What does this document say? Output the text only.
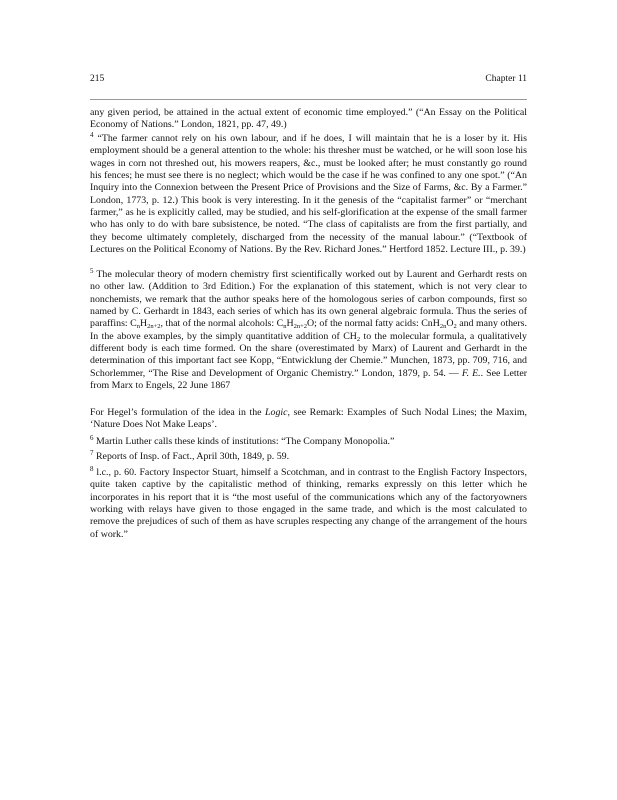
215	Chapter 11

any given period, be attained in the actual extent of economic time employed.” (“An Essay on the Political Economy of Nations.” London, 1821, pp. 47, 49.)

$^4$ “The farmer cannot rely on his own labour, and if he does, I will maintain that he is a loser by it. His employment should be a general attention to the whole: his thresher must be watched, or he will soon lose his wages in corn not threshed out, his mowers reapers, &c., must be looked after; he must constantly go round his fences; he must see there is no neglect; which would be the case if he was confined to any one spot.” (“An Inquiry into the Connexion between the Present Price of Provisions and the Size of Farms, &c. By a Farmer.” London, 1773, p. 12.) This book is very interesting. In it the genesis of the “capitalist farmer” or “merchant farmer,” as he is explicitly called, may be studied, and his self-glorification at the expense of the small farmer who has only to do with bare subsistence, be noted. “The class of capitalists are from the first partially, and they become ultimately completely, discharged from the necessity of the manual labour.” (“Textbook of Lectures on the Political Economy of Nations. By the Rev. Richard Jones.” Hertford 1852. Lecture III., p. 39.)

$^5$ The molecular theory of modern chemistry first scientifically worked out by Laurent and Gerhardt rests on no other law. (Addition to 3rd Edition.) For the explanation of this statement, which is not very clear to nonchemists, we remark that the author speaks here of the homologous series of carbon compounds, first so named by C. Gerhardt in 1843, each series of which has its own general algebraic formula. Thus the series of paraffins: $C_nH_{2n+2}$, that of the normal alcohols: $C_nH_{2n+2}O$; of the normal fatty acids: $CnH_{2n}O_2$ and many others. In the above examples, by the simply quantitative addition of $CH_2$ to the molecular formula, a qualitatively different body is each time formed. On the share (overestimated by Marx) of Laurent and Gerhardt in the determination of this important fact see Kopp, “Entwicklung der Chemie.” Munchen, 1873, pp. 709, 716, and Schorlemmer, “The Rise and Development of Organic Chemistry.” London, 1879, p. 54. — F. E.. See Letter from Marx to Engels, 22 June 1867

For Hegel’s formulation of the idea in the Logic, see Remark: Examples of Such Nodal Lines; the Maxim, ‘Nature Does Not Make Leaps’.

$^6$ Martin Luther calls these kinds of institutions: “The Company Monopolia.”

$^7$ Reports of Insp. of Fact., April 30th, 1849, p. 59.

$^8$ l.c., p. 60. Factory Inspector Stuart, himself a Scotchman, and in contrast to the English Factory Inspectors, quite taken captive by the capitalistic method of thinking, remarks expressly on this letter which he incorporates in his report that it is “the most useful of the communications which any of the factoryowners working with relays have given to those engaged in the same trade, and which is the most calculated to remove the prejudices of such of them as have scruples respecting any change of the arrangement of the hours of work.”
